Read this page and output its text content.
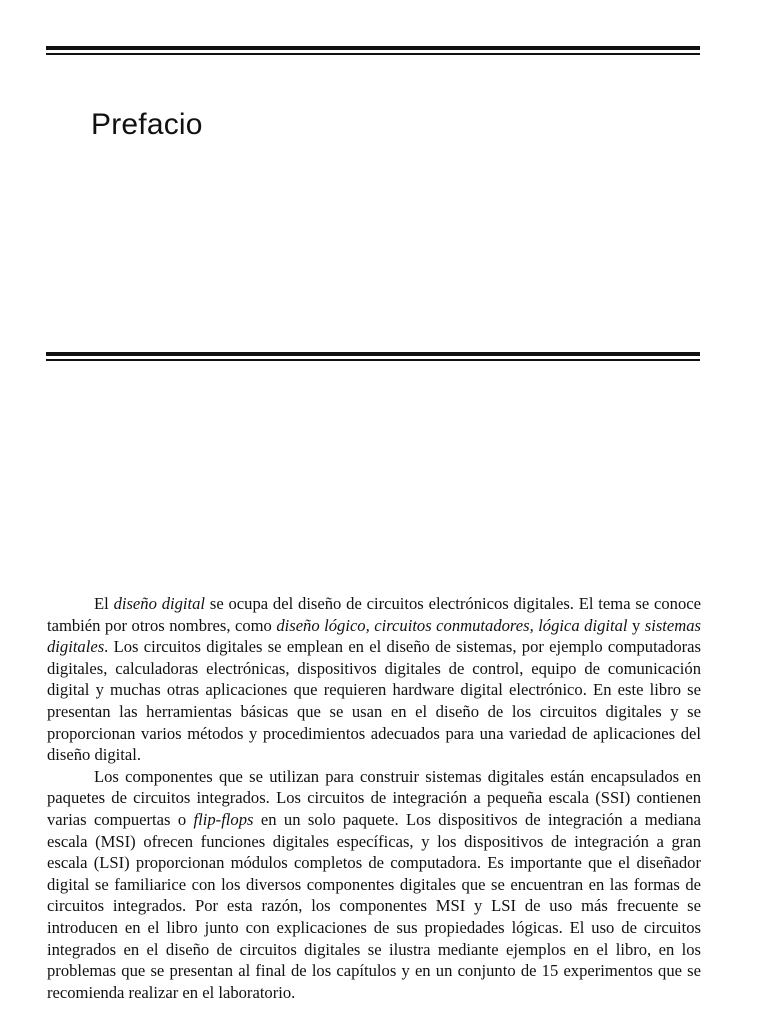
Prefacio

El diseño digital se ocupa del diseño de circuitos electrónicos digitales. El tema se conoce también por otros nombres, como diseño lógico, circuitos conmutadores, lógica digital y sistemas digitales. Los circuitos digitales se emplean en el diseño de sistemas, por ejemplo computadoras digitales, calculadoras electrónicas, dispositivos digitales de control, equipo de comunicación digital y muchas otras aplicaciones que requieren hardware digital electrónico. En este libro se presentan las herramientas básicas que se usan en el diseño de los circuitos digitales y se proporcionan varios métodos y procedimientos adecuados para una variedad de aplicaciones del diseño digital.

Los componentes que se utilizan para construir sistemas digitales están encapsulados en paquetes de circuitos integrados. Los circuitos de integración a pequeña escala (SSI) contienen varias compuertas o flip-flops en un solo paquete. Los dispositivos de integración a mediana escala (MSI) ofrecen funciones digitales específicas, y los dispositivos de integración a gran escala (LSI) proporcionan módulos completos de computadora. Es importante que el diseñador digital se familiarice con los diversos componentes digitales que se encuentran en las formas de circuitos integrados. Por esta razón, los componentes MSI y LSI de uso más frecuente se introducen en el libro junto con explicaciones de sus propiedades lógicas. El uso de circuitos integrados en el diseño de circuitos digitales se ilustra mediante ejemplos en el libro, en los problemas que se presentan al final de los capítulos y en un conjunto de 15 experimentos que se recomienda realizar en el laboratorio.
